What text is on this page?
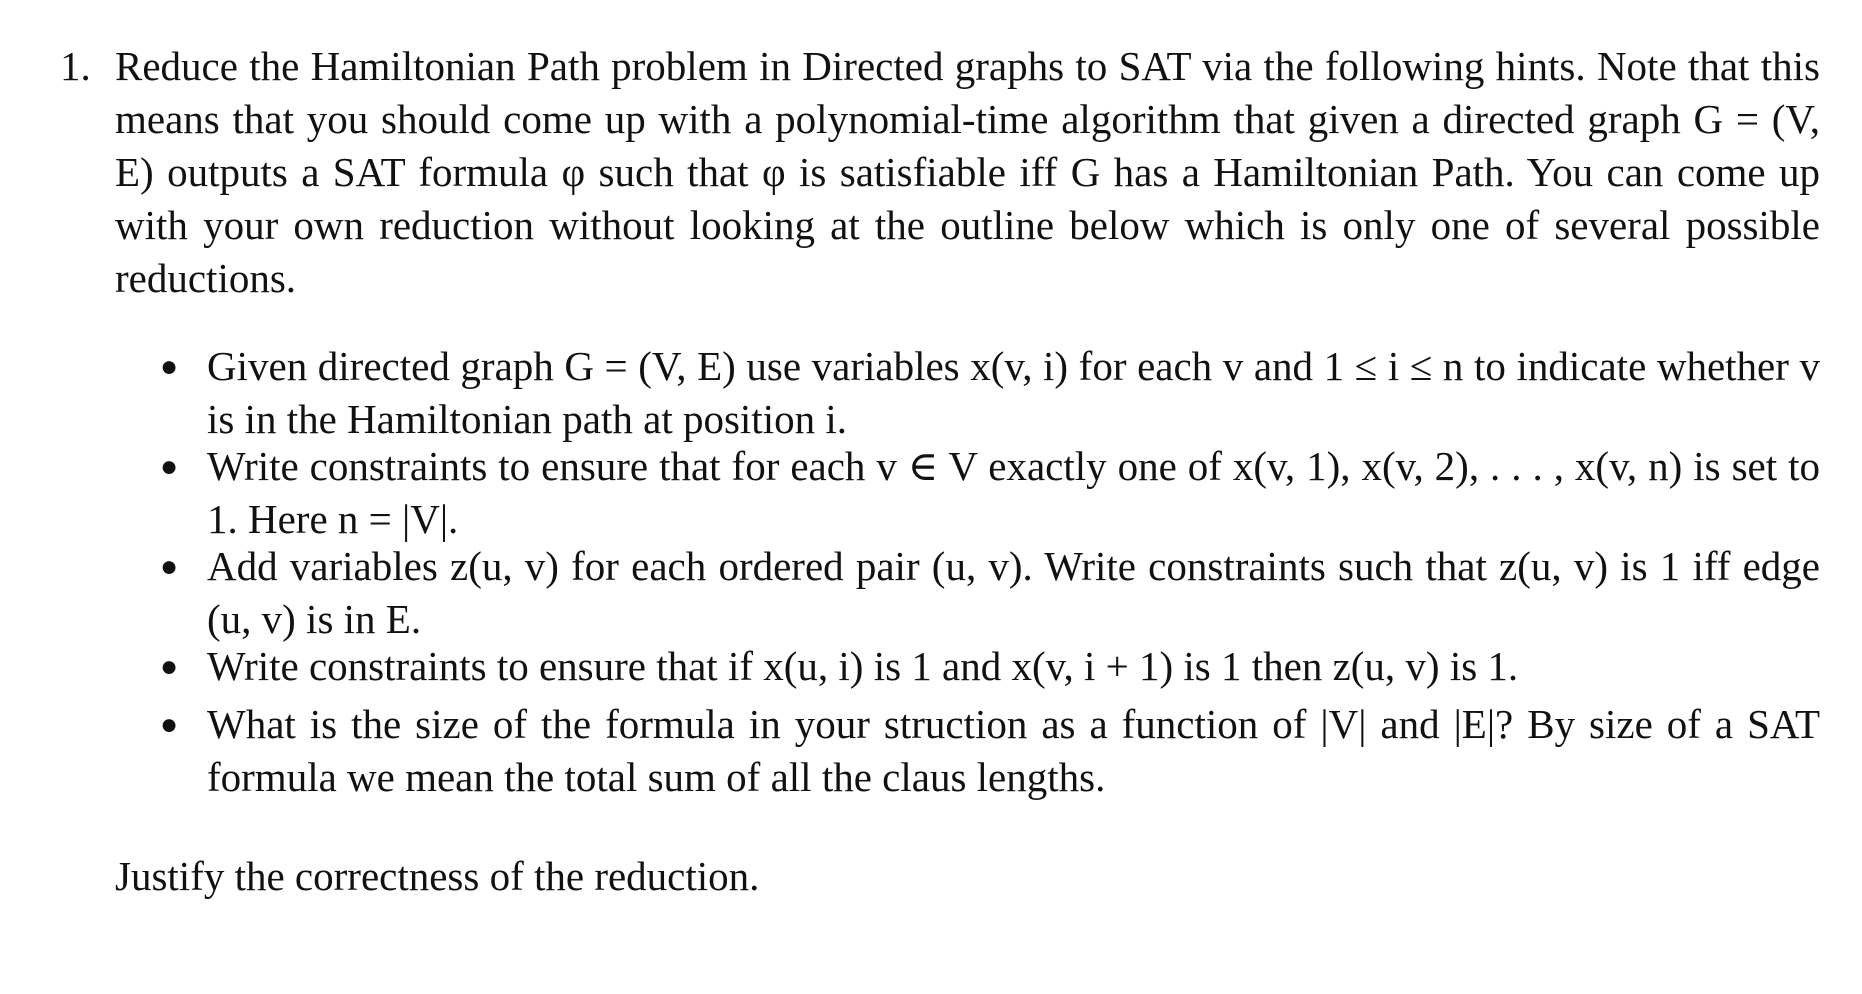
1. Reduce the Hamiltonian Path problem in Directed graphs to SAT via the following hints. Note that this means that you should come up with a polynomial-time algorithm that given a directed graph G = (V, E) outputs a SAT formula φ such that φ is satisfiable iff G has a Hamiltonian Path. You can come up with your own reduction without looking at the outline below which is only one of several possible reductions.
● Given directed graph G = (V, E) use variables x(v, i) for each v and 1 ≤ i ≤ n to indicate whether v is in the Hamiltonian path at position i.
● Write constraints to ensure that for each v ∈ V exactly one of x(v, 1), x(v, 2), . . . , x(v, n) is set to 1. Here n = |V|.
● Add variables z(u, v) for each ordered pair (u, v). Write constraints such that z(u, v) is 1 iff edge (u, v) is in E.
● Write constraints to ensure that if x(u, i) is 1 and x(v, i + 1) is 1 then z(u, v) is 1.
● What is the size of the formula in your struction as a function of |V| and |E|? By size of a SAT formula we mean the total sum of all the claus lengths.
Justify the correctness of the reduction.
